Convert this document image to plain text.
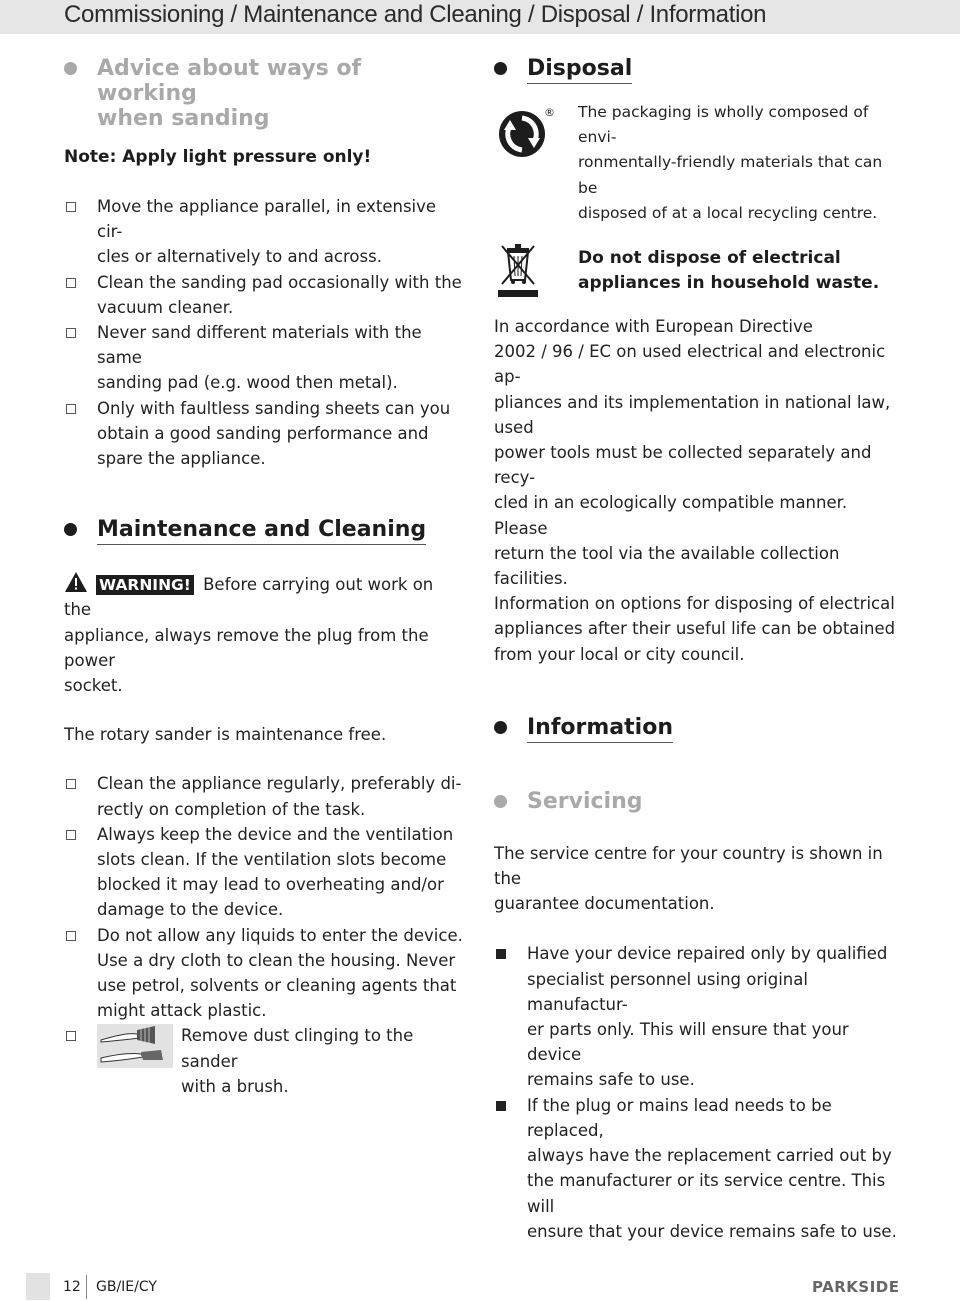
Commissioning / Maintenance and Cleaning / Disposal / Information
Advice about ways of working
when sanding
Note: Apply light pressure only!
Move the appliance parallel, in extensive cir-
cles or alternatively to and across.
Clean the sanding pad occasionally with the
vacuum cleaner.
Never sand different materials with the same
sanding pad (e.g. wood then metal).
Only with faultless sanding sheets can you
obtain a good sanding performance and
spare the appliance.
Maintenance and Cleaning
WARNING! Before carrying out work on the
appliance, always remove the plug from the power
socket.
The rotary sander is maintenance free.
Clean the appliance regularly, preferably di-
rectly on completion of the task.
Always keep the device and the ventilation
slots clean. If the ventilation slots become
blocked it may lead to overheating and/or
damage to the device.
Do not allow any liquids to enter the device.
Use a dry cloth to clean the housing. Never
use petrol, solvents or cleaning agents that
might attack plastic.
Remove dust clinging to the sander
with a brush.
Disposal
® The packaging is wholly composed of envi-
ronmentally-friendly materials that can be
disposed of at a local recycling centre.
Do not dispose of electrical
appliances in household waste.
In accordance with European Directive
2002 / 96 / EC on used electrical and electronic ap-
pliances and its implementation in national law, used
power tools must be collected separately and recy-
cled in an ecologically compatible manner. Please
return the tool via the available collection facilities.
Information on options for disposing of electrical
appliances after their useful life can be obtained
from your local or city council.
Information
Servicing
The service centre for your country is shown in the
guarantee documentation.
Have your device repaired only by qualified
specialist personnel using original manufactur-
er parts only. This will ensure that your device
remains safe to use.
If the plug or mains lead needs to be replaced,
always have the replacement carried out by
the manufacturer or its service centre. This will
ensure that your device remains safe to use.
12 GB/IE/CY	PARKSIDE
